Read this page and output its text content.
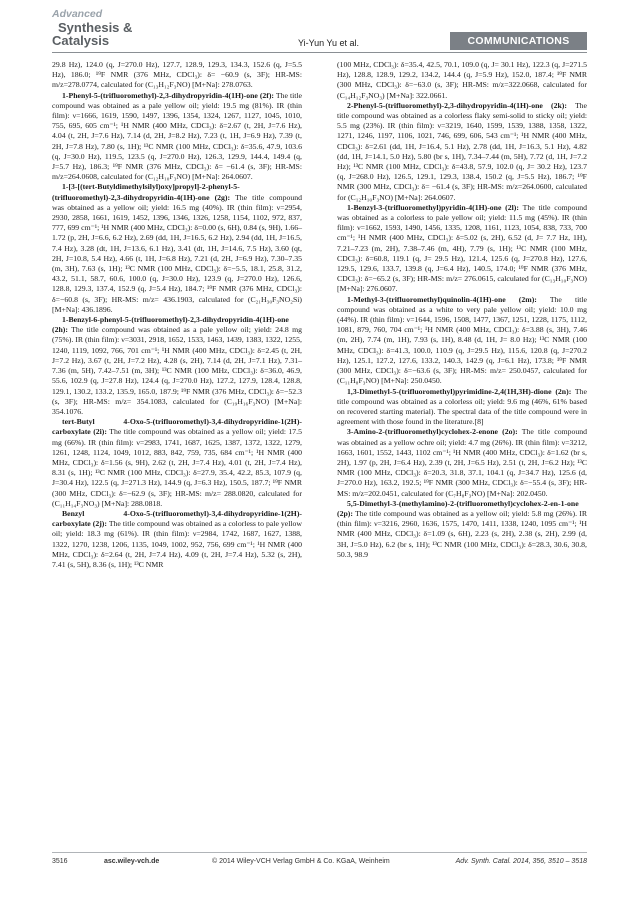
Advanced
Synthesis &
Catalysis	Yi-Yun Yu et al.	COMMUNICATIONS

29.8 Hz), 124.0 (q, J=270.0 Hz), 127.7, 128.9, 129.3, 134.3, 152.6 (q, J=5.5 Hz), 186.0; ¹⁹F NMR (376 MHz, CDCl₃): δ= −60.9 (s, 3F); HR-MS: m/z=278.0774, calculated for (C₁₃H₁₂F₃NO) [M+Na]: 278.0763.

1-Phenyl-5-(trifluoromethyl)-2,3-dihydropyridin-4(1H)-one (2f): The title compound was obtained as a pale yellow oil; yield: 19.5 mg (81%). IR (thin film): ν=1666, 1619, 1590, 1497, 1396, 1354, 1324, 1267, 1127, 1045, 1010, 755, 695, 605 cm⁻¹; ¹H NMR (400 MHz, CDCl₃): δ=2.67 (t, 2H, J=7.6 Hz), 4.04 (t, 2H, J=7.6 Hz), 7.14 (d, 2H, J=8.2 Hz), 7.23 (t, 1H, J=6.9 Hz), 7.39 (t, 2H, J=7.8 Hz), 7.80 (s, 1H); ¹³C NMR (100 MHz, CDCl₃): δ=35.6, 47.9, 103.6 (q, J=30.0 Hz), 119.5, 123.5 (q, J=270.0 Hz), 126.3, 129.9, 144.4, 149.4 (q, J=5.7 Hz), 186.3; ¹⁹F NMR (376 MHz, CDCl₃): δ= −61.4 (s, 3F); HR-MS: m/z=264.0608, calculated for (C₁₂H₁₀F₃NO) [M+Na]: 264.0607.

1-[3-[(tert-Butyldimethylsilyl)oxy]propyl]-2-phenyl-5-(trifluoromethyl)-2,3-dihydropyridin-4(1H)-one (2g): The title compound was obtained as a yellow oil; yield: 16.5 mg (40%). IR (thin film): ν=2954, 2930, 2858, 1661, 1619, 1452, 1396, 1346, 1326, 1258, 1154, 1102, 972, 837, 777, 699 cm⁻¹; ¹H NMR (400 MHz, CDCl₃): δ=0.00 (s, 6H), 0.84 (s, 9H), 1.66–1.72 (p, 2H, J=6.6, 6.2 Hz), 2.69 (dd, 1H, J=16.5, 6.2 Hz), 2.94 (dd, 1H, J=16.5, 7.4 Hz), 3.28 (dt, 1H, J=13.6, 6.1 Hz), 3.41 (dt, 1H, J=14.6, 7.5 Hz), 3.60 (qt, 2H, J=10.8, 5.4 Hz), 4.66 (t, 1H, J=6.8 Hz), 7.21 (d, 2H, J=6.9 Hz), 7.30–7.35 (m, 3H), 7.63 (s, 1H); ¹³C NMR (100 MHz, CDCl₃): δ=−5.5, 18.1, 25.8, 31.2, 43.2, 51.1, 58.7, 60.6, 100.0 (q, J=30.0 Hz), 123.9 (q, J=270.0 Hz), 126.6, 128.8, 129.3, 137.4, 152.9 (q, J=5.4 Hz), 184.7; ¹⁹F NMR (376 MHz, CDCl₃): δ=−60.8 (s, 3F); HR-MS: m/z= 436.1903, calculated for (C₂₁H₃₀F₃NO₂Si) [M+Na]: 436.1896.

1-Benzyl-6-phenyl-5-(trifluoromethyl)-2,3-dihydropyridin-4(1H)-one (2h): The title compound was obtained as a pale yellow oil; yield: 24.8 mg (75%). IR (thin film): ν=3031, 2918, 1652, 1533, 1463, 1439, 1383, 1322, 1255, 1240, 1119, 1092, 766, 701 cm⁻¹; ¹H NMR (400 MHz, CDCl₃): δ=2.45 (t, 2H, J=7.2 Hz), 3.67 (t, 2H, J=7.2 Hz), 4.28 (s, 2H), 7.14 (d, 2H, J=7.1 Hz), 7.31–7.36 (m, 5H), 7.42–7.51 (m, 3H); ¹³C NMR (100 MHz, CDCl₃): δ=36.0, 46.9, 55.6, 102.9 (q, J=27.8 Hz), 124.4 (q, J=270.0 Hz), 127.2, 127.9, 128.4, 128.8, 129.1, 130.2, 133.2, 135.9, 165.0, 187.9; ¹⁹F NMR (376 MHz, CDCl₃): δ=−52.3 (s, 3F); HR-MS: m/z= 354.1083, calculated for (C₁₉H₁₆F₃NO) [M+Na]: 354.1076.

tert-Butyl 4-Oxo-5-(trifluoromethyl)-3,4-dihydropyridine-1(2H)-carboxylate (2i): The title compound was obtained as a yellow oil; yield: 17.5 mg (66%). IR (thin film): ν=2983, 1741, 1687, 1625, 1387, 1372, 1322, 1279, 1261, 1248, 1124, 1049, 1012, 883, 842, 759, 735, 684 cm⁻¹; ¹H NMR (400 MHz, CDCl₃): δ=1.56 (s, 9H), 2.62 (t, 2H, J=7.4 Hz), 4.01 (t, 2H, J=7.4 Hz), 8.31 (s, 1H); ¹³C NMR (100 MHz, CDCl₃): δ=27.9, 35.4, 42.2, 85.3, 107.9 (q, J=30.4 Hz), 122.5 (q, J=271.3 Hz), 144.9 (q, J=6.3 Hz), 150.5, 187.7; ¹⁹F NMR (300 MHz, CDCl₃): δ=−62.9 (s, 3F); HR-MS: m/z= 288.0820, calculated for (C₁₁H₁₄F₃NO₃) [M+Na]: 288.0818.

Benzyl 4-Oxo-5-(trifluoromethyl)-3,4-dihydropyridine-1(2H)-carboxylate (2j): The title compound was obtained as a colorless to pale yellow oil; yield: 18.3 mg (61%). IR (thin film): ν=2984, 1742, 1687, 1627, 1388, 1322, 1270, 1238, 1206, 1135, 1049, 1002, 952, 756, 699 cm⁻¹; ¹H NMR (400 MHz, CDCl₃): δ=2.64 (t, 2H, J=7.4 Hz), 4.09 (t, 2H, J=7.4 Hz), 5.32 (s, 2H), 7.41 (s, 5H), 8.36 (s, 1H); ¹³C NMR

(100 MHz, CDCl₃): δ=35.4, 42.5, 70.1, 109.0 (q, J= 30.1 Hz), 122.3 (q, J=271.5 Hz), 128.8, 128.9, 129.2, 134.2, 144.4 (q, J=5.9 Hz), 152.0, 187.4; ¹⁹F NMR (300 MHz, CDCl₃): δ=−63.0 (s, 3F); HR-MS: m/z=322.0668, calculated for (C₁₄H₁₂F₃NO₃) [M+Na]: 322.0661.

2-Phenyl-5-(trifluoromethyl)-2,3-dihydropyridin-4(1H)-one (2k): The title compound was obtained as a colorless flaky semi-solid to sticky oil; yield: 5.5 mg (23%). IR (thin film): ν=3219, 1640, 1599, 1539, 1388, 1358, 1322, 1271, 1246, 1197, 1106, 1021, 746, 699, 606, 543 cm⁻¹; ¹H NMR (400 MHz, CDCl₃): δ=2.61 (dd, 1H, J=16.4, 5.1 Hz), 2.78 (dd, 1H, J=16.3, 5.1 Hz), 4.82 (dd, 1H, J=14.1, 5.0 Hz), 5.80 (br s, 1H), 7.34–7.44 (m, 5H), 7.72 (d, 1H, J=7.2 Hz); ¹³C NMR (100 MHz, CDCl₃): δ=43.8, 57.9, 102.0 (q, J= 30.2 Hz), 123.7 (q, J=268.0 Hz), 126.5, 129.1, 129.3, 138.4, 150.2 (q, J=5.5 Hz), 186.7; ¹⁹F NMR (300 MHz, CDCl₃): δ= −61.4 (s, 3F); HR-MS: m/z=264.0600, calculated for (C₁₂H₁₀F₃NO) [M+Na]: 264.0607.

1-Benzyl-3-(trifluoromethyl)pyridin-4(1H)-one (2l): The title compound was obtained as a colorless to pale yellow oil; yield: 11.5 mg (45%). IR (thin film): ν=1662, 1593, 1490, 1456, 1335, 1208, 1161, 1123, 1054, 838, 733, 700 cm⁻¹; ¹H NMR (400 MHz, CDCl₃): δ=5.02 (s, 2H), 6.52 (d, J= 7.7 Hz, 1H), 7.21–7.23 (m, 2H), 7.38–7.46 (m, 4H), 7.79 (s, 1H); ¹³C NMR (100 MHz, CDCl₃): δ=60.8, 119.1 (q, J= 29.5 Hz), 121.4, 125.6 (q, J=270.8 Hz), 127.6, 129.5, 129.6, 133.7, 139.8 (q, J=6.4 Hz), 140.5, 174.0; ¹⁹F NMR (376 MHz, CDCl₃): δ=−65.2 (s, 3F); HR-MS: m/z= 276.0615, calculated for (C₁₃H₁₀F₃NO) [M+Na]: 276.0607.

1-Methyl-3-(trifluoromethyl)quinolin-4(1H)-one (2m): The title compound was obtained as a white to very pale yellow oil; yield: 10.0 mg (44%). IR (thin film): ν=1644, 1596, 1508, 1477, 1367, 1251, 1228, 1175, 1112, 1081, 879, 760, 704 cm⁻¹; ¹H NMR (400 MHz, CDCl₃): δ=3.88 (s, 3H), 7.46 (m, 2H), 7.74 (m, 1H), 7.93 (s, 1H), 8.48 (d, 1H, J= 8.0 Hz); ¹³C NMR (100 MHz, CDCl₃): δ=41.3, 100.0, 110.9 (q, J=29.5 Hz), 115.6, 120.8 (q, J=270.2 Hz), 125.1, 127.2, 127.6, 133.2, 140.3, 142.9 (q, J=6.1 Hz), 173.8; ¹⁹F NMR (300 MHz, CDCl₃): δ=−63.6 (s, 3F); HR-MS: m/z= 250.0457, calculated for (C₁₁H₈F₃NO) [M+Na]: 250.0450.

1,3-Dimethyl-5-(trifluoromethyl)pyrimidine-2,4(1H,3H)-dione (2n): The title compound was obtained as a colorless oil; yield: 9.6 mg (46%, 61% based on recovered starting material). The spectral data of the title compound were in agreement with those found in the literature.[8]

3-Amino-2-(trifluoromethyl)cyclohex-2-enone (2o): The title compound was obtained as a yellow ochre oil; yield: 4.7 mg (26%). IR (thin film): ν=3212, 1663, 1601, 1552, 1443, 1102 cm⁻¹; ¹H NMR (400 MHz, CDCl₃): δ=1.62 (br s, 2H), 1.97 (p, 2H, J=6.4 Hz), 2.39 (t, 2H, J=6.5 Hz), 2.51 (t, 2H, J=6.2 Hz); ¹³C NMR (100 MHz, CDCl₃): δ=20.3, 31.8, 37.1, 104.1 (q, J=34.7 Hz), 125.6 (d, J=270.0 Hz), 163.2, 192.5; ¹⁹F NMR (300 MHz, CDCl₃): δ=−55.4 (s, 3F); HR-MS: m/z=202.0451, calculated for (C₇H₈F₃NO) [M+Na]: 202.0450.

5,5-Dimethyl-3-(methylamino)-2-(trifluoromethyl)cyclohex-2-en-1-one (2p): The title compound was obtained as a yellow oil; yield: 5.8 mg (26%). IR (thin film): ν=3216, 2960, 1636, 1575, 1470, 1411, 1338, 1240, 1095 cm⁻¹; ¹H NMR (400 MHz, CDCl₃): δ=1.09 (s, 6H), 2.23 (s, 2H), 2.38 (s, 2H), 2.99 (d, 3H, J=5.0 Hz), 6.2 (br s, 1H); ¹³C NMR (100 MHz, CDCl₃): δ=28.3, 30.6, 30.8, 50.3, 98.9

3516	asc.wiley-vch.de	© 2014 Wiley-VCH Verlag GmbH & Co. KGaA, Weinheim	Adv. Synth. Catal. 2014, 356, 3510 – 3518
